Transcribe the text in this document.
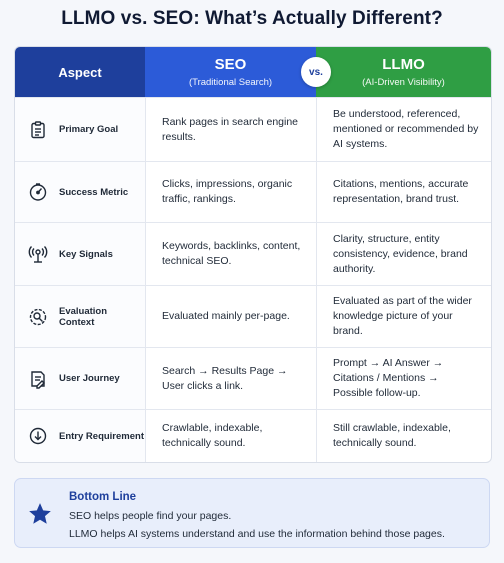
LLMO vs. SEO: What’s Actually Different?
Aspect	SEO
(Traditional Search)
LLMO
(AI-Driven Visibility)
vs.
Primary Goal
Rank pages in search engine results.
Be understood, referenced, mentioned or recommended by AI systems.
Success Metric
Clicks, impressions, organic traffic, rankings.
Citations, mentions, accurate representation, brand trust.
Key Signals
Keywords, backlinks, content, technical SEO.
Clarity, structure, entity consistency, evidence, brand authority.
Evaluation Context	Evaluated mainly per-page.
Evaluated as part of the wider knowledge picture of your brand.
User Journey
Search → Results Page → User clicks a link.
Prompt → AI Answer → Citations / Mentions → Possible follow-up.
Entry Requirement
Crawlable, indexable, technically sound.
Still crawlable, indexable, technically sound.
Bottom Line
SEO helps people find your pages.
LLMO helps AI systems understand and use the information behind those pages.
